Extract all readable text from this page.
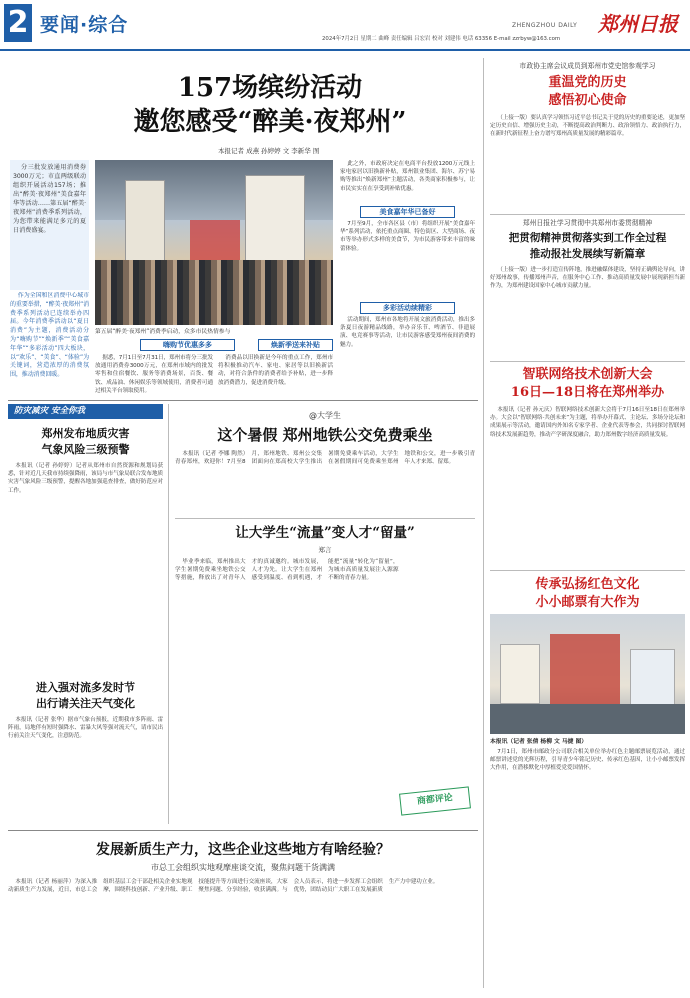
2 要闻·综合	ZHENGZHOU DAILY 郑州日报
2024年7月2日 星期二 曲峰 责任编辑 吕宏岩 校对 刘建伟 电话 63356 E-mail zzrbyw@163.com
157场缤纷活动
邀您感受“醉美·夜郑州”
本报记者 成燕 孙婷婷 文 李新华 图

分三批发放通用消费券3000万元；市直两级联动组织开展活动157场；推出“醉美·夜郑州”美食嘉年华等活动……第五届“醉美·夜郑州”消费季系列活动，为您带来能满足多元的夏日消费盛宴。

作为全国和区消费中心城市的重要举措，“醉美·夜郑州”消费季系列活动已连续举办四届。今年消费季活动以“夏日消费”为主题，消费活动分为“嗨购节”“焕新季”“美食嘉年华”“多彩活动”四大板块，以“欢乐”、“美食”、“体验”为关键词，营造浓厚的消费氛围，推动消费回暖。

第五届“醉美·夜郑州”消费季启动，众多市民热情参与
嗨购节优惠多多	焕新季送来补贴

据悉，7月1日至7月31日，郑州市将分三批发放通用消费券3000万元，在郑州市域内的批发零售和住宿餐饮、服务等消费场景，百货、餐饮、成品油、休闲娱乐等领域使用，消费者可通过相关平台领取使用。

消费品以旧换新是今年的重点工作，郑州市将积极推动汽车、家电、家居等以旧换新活动，对符合条件的消费者给予补贴，进一步释放消费潜力，促进消费升级。

此之外，市政府决定在电商平台投放1200万元线上家电家居以旧换新补贴，郑州银业集团、海尔、苏宁易购等推出“焕新郑州”主题活动，各类商家积极参与，让市民实实在在享受到补贴优惠。

美食嘉年华已备好

7月至9月，全市各区县（市）将组织开展“美食嘉年华”系列活动，依托重点商圈、特色街区、大型商场、夜市等举办形式多样的美食节，为市民游客带来丰富的味蕾体验。

多彩活动续精彩

活动期间，郑州市各地将开展文旅消费活动，推出多条夏日夜游精品线路，举办音乐节、啤酒节、非遗展演、电竞赛事等活动，让市民游客感受郑州夜间消费的魅力。

市政协主席会议成员到郑州市党史馆参观学习
重温党的历史
感悟初心使命

（上接一版）要认真学习领悟习近平总书记关于党的历史的重要论述，更加坚定历史自信、增强历史主动，不断提高政治判断力、政治领悟力、政治执行力，在新时代新征程上奋力谱写郑州高质量发展的精彩篇章。

郑州日报社学习贯彻中共郑州市委贯彻精神
把贯彻精神贯彻落实到工作全过程
推动报社发展续写新篇章

（上接一版）进一步打造宣传阵地，推进融媒体建设，坚持正确舆论导向，讲好郑州故事，传播郑州声音，在服务中心工作、推动高质量发展中展现新担当新作为，为郑州建设国家中心城市贡献力量。

智联网络技术创新大会
16日—18日将在郑州举办

本报讯（记者 孙元庆）智联网络技术创新大会将于7月16日至18日在郑州举办。大会以“智联网络·共创未来”为主题，将举办开幕式、主论坛、多场分论坛和成果展示等活动，邀请国内外知名专家学者、企业代表等参会，共同探讨智联网络技术发展新趋势，推动产学研深度融合，助力郑州数字经济高质量发展。

传承弘扬红色文化
小小邮票有大作为
本报讯（记者 张倩 杨柳 文 马捷 图）

7月1日，郑州市邮政分公司联合相关单位举办红色主题邮票展览活动，通过邮票讲述党的光辉历程，引导青少年铭记历史、传承红色基因，让小小邮票发挥大作用，在潜移默化中厚植爱党爱国情怀。

防灾减灾 安全你我
郑州发布地质灾害
气象风险三级预警

本报讯（记者 孙婷婷）记者从郑州市自然资源和规划局获悉，针对近几天我市持续强降雨，该局与市气象局联合发布地质灾害气象风险三级预警，提醒各地加强巡查排查，做好防范应对工作。

进入强对流多发时节
出行请关注天气变化

本报讯（记者 张华）据市气象台预报，近期我市多阵雨、雷阵雨，局地伴有短时强降水、雷暴大风等强对流天气，请市民出行前关注天气变化，注意防范。

@大学生
这个暑假 郑州地铁公交免费乘坐

本报讯（记者 李娜 陶然）青春郑州，欢迎你！7月至8月，郑州地铁、郑州公交集团面向在郑高校大学生推出暑期免费乘车活动，大学生在暑假期间可免费乘坐郑州地铁和公交，进一步吸引青年人才来郑、留郑。

让大学生“流量”变人才“留量”
郑言

毕业季来临，郑州推出大学生暑期免费乘坐地铁公交等措施，释放出了对青年人才的真诚邀约。城市发展，人才为先。让大学生在郑州感受到温度、看到机遇，才能把“流量”转化为“留量”，为城市高质量发展注入源源不断的青春力量。

商都评论
发展新质生产力，这些企业这些地方有啥经验？
市总工会组织实地观摩座谈交流，聚焦问题干货满满

本报讯（记者 杨丽萍）为深入推动新质生产力发展，近日，市总工会组织基层工会干部赴相关企业实地观摩，围绕科技创新、产业升级、职工技能提升等方面进行交流座谈，大家聚焦问题、分享经验，收获满满。与会人员表示，将进一步发挥工会组织优势，团结动员广大职工在发展新质生产力中建功立业。
